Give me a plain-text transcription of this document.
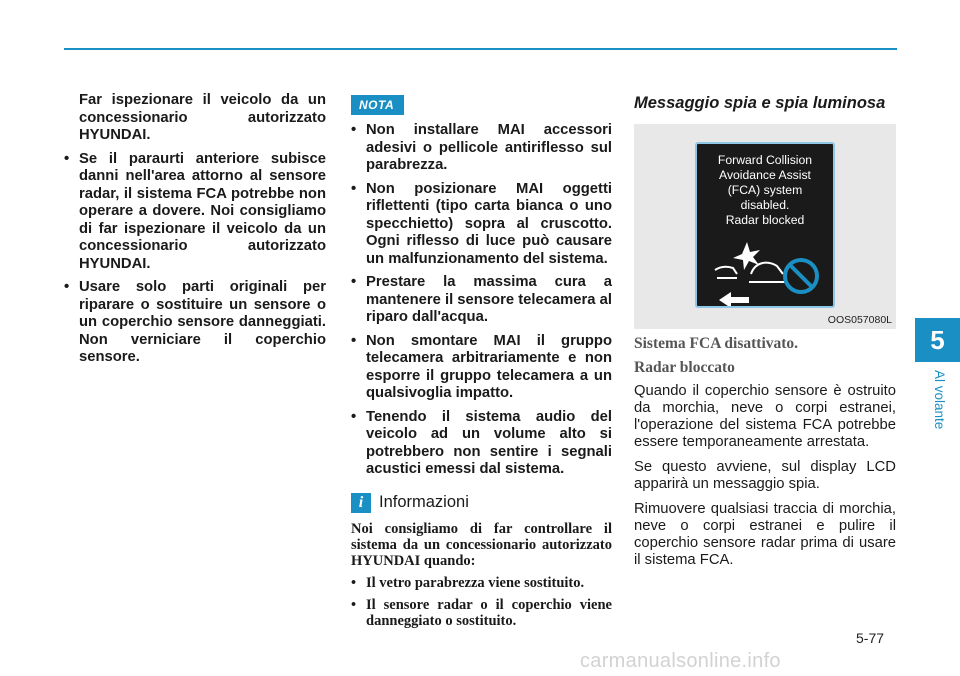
Far ispezionare il veicolo da un concessionario autorizzato HYUNDAI.

• Se il paraurti anteriore subisce danni nell'area attorno al sensore radar, il sistema FCA potrebbe non operare a dovere. Noi consigliamo di far ispezionare il veicolo da un concessionario autorizzato HYUNDAI.
• Usare solo parti originali per riparare o sostituire un sensore o un coperchio sensore danneggiati. Non verniciare il coperchio sensore.
NOTA
• Non installare MAI accessori adesivi o pellicole antiriflesso sul parabrezza.
• Non posizionare MAI oggetti riflettenti (tipo carta bianca o uno specchietto) sopra al cruscotto. Ogni riflesso di luce può causare un malfunzionamento del sistema.
• Prestare la massima cura a mantenere il sensore telecamera al riparo dall'acqua.
• Non smontare MAI il gruppo telecamera arbitrariamente e non esporre il gruppo telecamera a un qualsivoglia impatto.
• Tenendo il sistema audio del veicolo ad un volume alto si potrebbero non sentire i segnali acustici emessi dal sistema.
i Informazioni

Noi consigliamo di far controllare il sistema da un concessionario autorizzato HYUNDAI quando:

• Il vetro parabrezza viene sostituito.
• Il sensore radar o il coperchio viene danneggiato o sostituito.
Messaggio spia e spia luminosa
Forward Collision
Avoidance Assist
(FCA) system
disabled.
Radar blocked
OOS057080L
Sistema FCA disattivato.
Radar bloccato

Quando il coperchio sensore è ostruito da morchia, neve o corpi estranei, l'operazione del sistema FCA potrebbe essere temporaneamente arrestata.

Se questo avviene, sul display LCD apparirà un messaggio spia.

Rimuovere qualsiasi traccia di morchia, neve o corpi estranei e pulire il coperchio sensore radar prima di usare il sistema FCA.

5
Al volante
5-77
carmanualsonline.info
